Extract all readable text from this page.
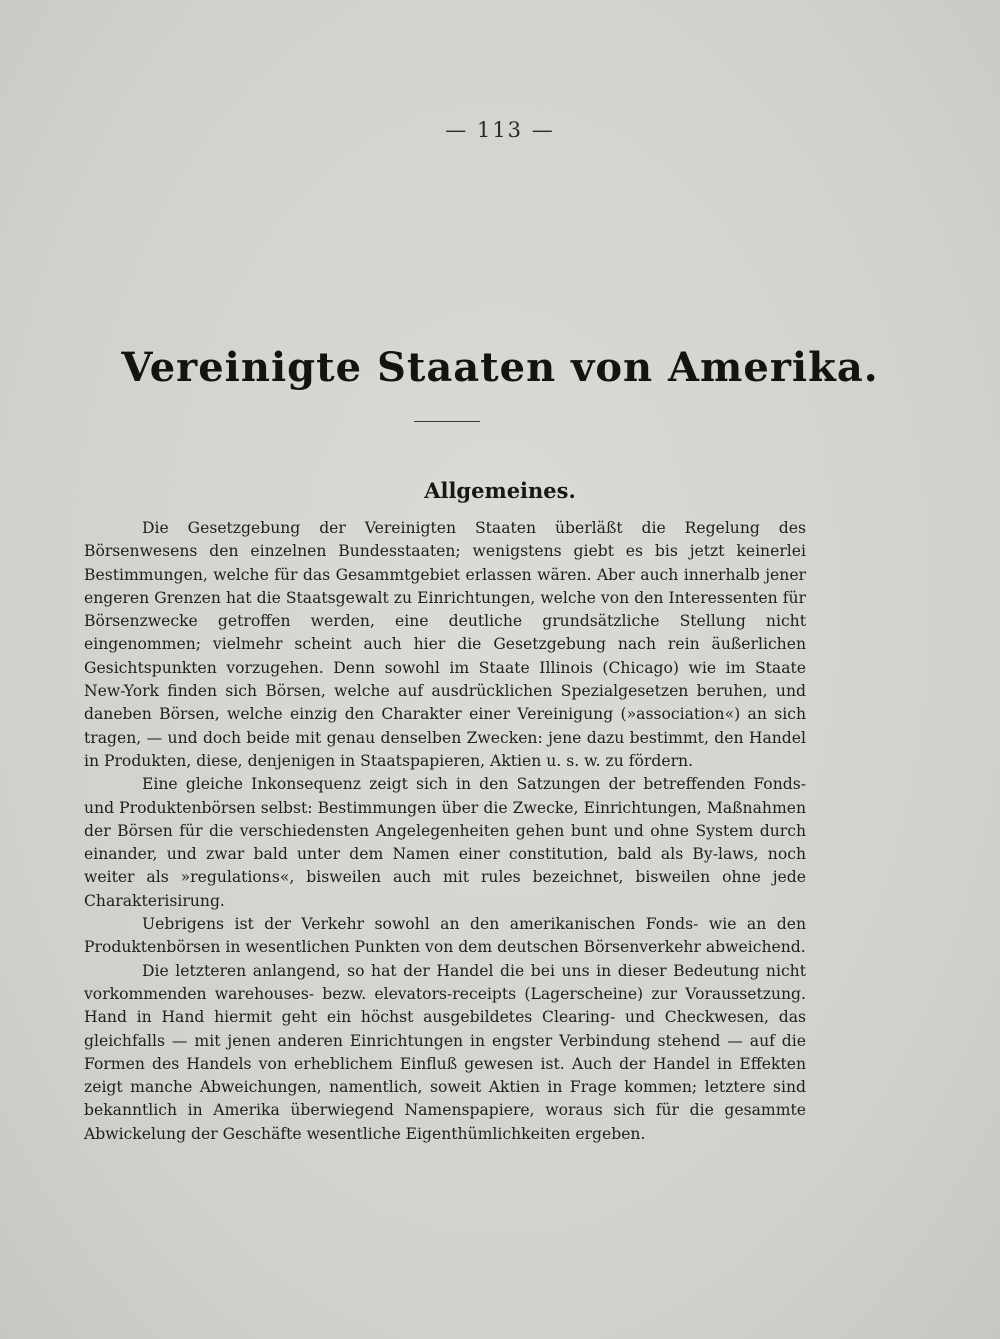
— 113 —
Vereinigte Staaten von Amerika.
Allgemeines.

Die Gesetzgebung der Vereinigten Staaten überläßt die Regelung des Börsenwesens den einzelnen Bundesstaaten; wenigstens giebt es bis jetzt keinerlei Bestimmungen, welche für das Gesammtgebiet erlassen wären. Aber auch innerhalb jener engeren Grenzen hat die Staatsgewalt zu Einrichtungen, welche von den Interessenten für Börsenzwecke getroffen werden, eine deutliche grundsätzliche Stellung nicht eingenommen; vielmehr scheint auch hier die Gesetzgebung nach rein äußerlichen Gesichtspunkten vorzugehen. Denn sowohl im Staate Illinois (Chicago) wie im Staate New-York finden sich Börsen, welche auf ausdrücklichen Spezialgesetzen beruhen, und daneben Börsen, welche einzig den Charakter einer Vereinigung (»association«) an sich tragen, — und doch beide mit genau denselben Zwecken: jene dazu bestimmt, den Handel in Produkten, diese, denjenigen in Staatspapieren, Aktien u. s. w. zu fördern.

Eine gleiche Inkonsequenz zeigt sich in den Satzungen der betreffenden Fonds- und Produktenbörsen selbst: Bestimmungen über die Zwecke, Einrichtungen, Maßnahmen der Börsen für die verschiedensten Angelegenheiten gehen bunt und ohne System durch einander, und zwar bald unter dem Namen einer constitution, bald als By-laws, noch weiter als »regulations«, bisweilen auch mit rules bezeichnet, bisweilen ohne jede Charakterisirung.

Uebrigens ist der Verkehr sowohl an den amerikanischen Fonds- wie an den Produktenbörsen in wesentlichen Punkten von dem deutschen Börsenverkehr abweichend.

Die letzteren anlangend, so hat der Handel die bei uns in dieser Bedeutung nicht vorkommenden warehouses- bezw. elevators-receipts (Lagerscheine) zur Voraussetzung. Hand in Hand hiermit geht ein höchst ausgebildetes Clearing- und Checkwesen, das gleichfalls — mit jenen anderen Einrichtungen in engster Verbindung stehend — auf die Formen des Handels von erheblichem Einfluß gewesen ist. Auch der Handel in Effekten zeigt manche Abweichungen, namentlich, soweit Aktien in Frage kommen; letztere sind bekanntlich in Amerika überwiegend Namenspapiere, woraus sich für die gesammte Abwickelung der Geschäfte wesentliche Eigenthümlichkeiten ergeben.
